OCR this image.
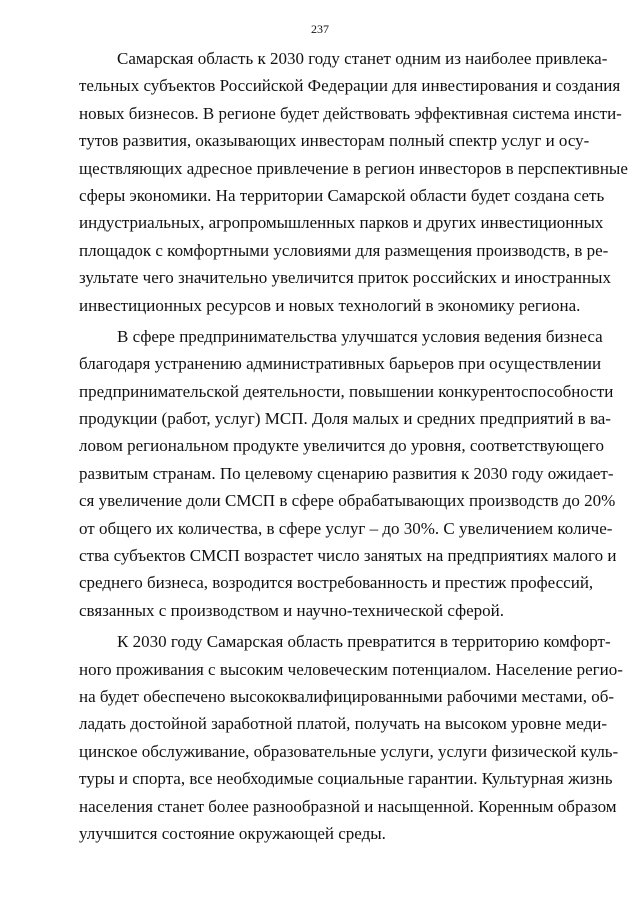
237
Самарская область к 2030 году станет одним из наиболее привлека-
тельных субъектов Российской Федерации для инвестирования и создания
новых бизнесов. В регионе будет действовать эффективная система инсти-
тутов развития, оказывающих инвесторам полный спектр услуг и осу-
ществляющих адресное привлечение в регион инвесторов в перспективные
сферы экономики. На территории Самарской области будет создана сеть
индустриальных, агропромышленных парков и других инвестиционных
площадок с комфортными условиями для размещения производств, в ре-
зультате чего значительно увеличится приток российских и иностранных
инвестиционных ресурсов и новых технологий в экономику региона.
В сфере предпринимательства улучшатся условия ведения бизнеса
благодаря устранению административных барьеров при осуществлении
предпринимательской деятельности, повышении конкурентоспособности
продукции (работ, услуг) МСП. Доля малых и средних предприятий в ва-
ловом региональном продукте увеличится до уровня, соответствующего
развитым странам. По целевому сценарию развития к 2030 году ожидает-
ся увеличение доли СМСП в сфере обрабатывающих производств до 20%
от общего их количества, в сфере услуг – до 30%. С увеличением количе-
ства субъектов СМСП возрастет число занятых на предприятиях малого и
среднего бизнеса, возродится востребованность и престиж профессий,
связанных с производством и научно-технической сферой.
К 2030 году Самарская область превратится в территорию комфорт-
ного проживания с высоким человеческим потенциалом. Население регио-
на будет обеспечено высококвалифицированными рабочими местами, об-
ладать достойной заработной платой, получать на высоком уровне меди-
цинское обслуживание, образовательные услуги, услуги физической куль-
туры и спорта, все необходимые социальные гарантии. Культурная жизнь
населения станет более разнообразной и насыщенной. Коренным образом
улучшится состояние окружающей среды.
